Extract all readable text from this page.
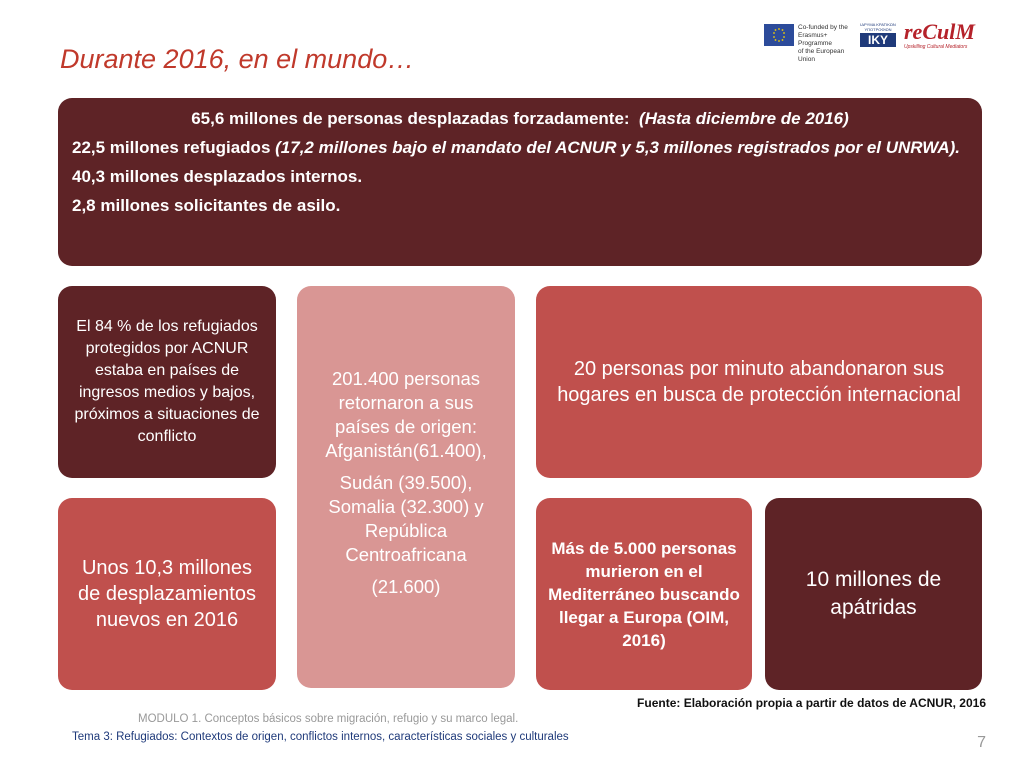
Durante 2016, en el mundo…
Co-funded by the
Erasmus+ Programme
of the European Union
ΙΔΡΥΜΑ ΚΡΑΤΙΚΩΝ ΥΠΟΤΡΟΦΙΩΝ
IKY reCulM
Upskilling Cultural Mediators

65,6 millones de personas desplazadas forzadamente: (Hasta diciembre de 2016)

22,5 millones refugiados (17,2 millones bajo el mandato del ACNUR y 5,3 millones registrados por el UNRWA).

40,3 millones desplazados internos.

2,8 millones solicitantes de asilo.

El 84 % de los refugiados protegidos por ACNUR estaba en países de ingresos medios y bajos, próximos a situaciones de conflicto

201.400 personas retornaron a sus países de origen: Afganistán(61.400),

Sudán (39.500), Somalia (32.300) y República Centroafricana

(21.600)

20 personas por minuto abandonaron sus hogares en busca de protección internacional
Unos 10,3 millones de desplazamientos nuevos en 2016
Más de 5.000 personas murieron en el Mediterráneo buscando llegar a Europa (OIM, 2016)
10 millones de apátridas
Fuente: Elaboración propia a partir de datos de ACNUR, 2016
MODULO 1. Conceptos básicos sobre migración, refugio y su marco legal.
Tema 3: Refugiados: Contextos de origen, conflictos internos, características sociales y culturales	7
